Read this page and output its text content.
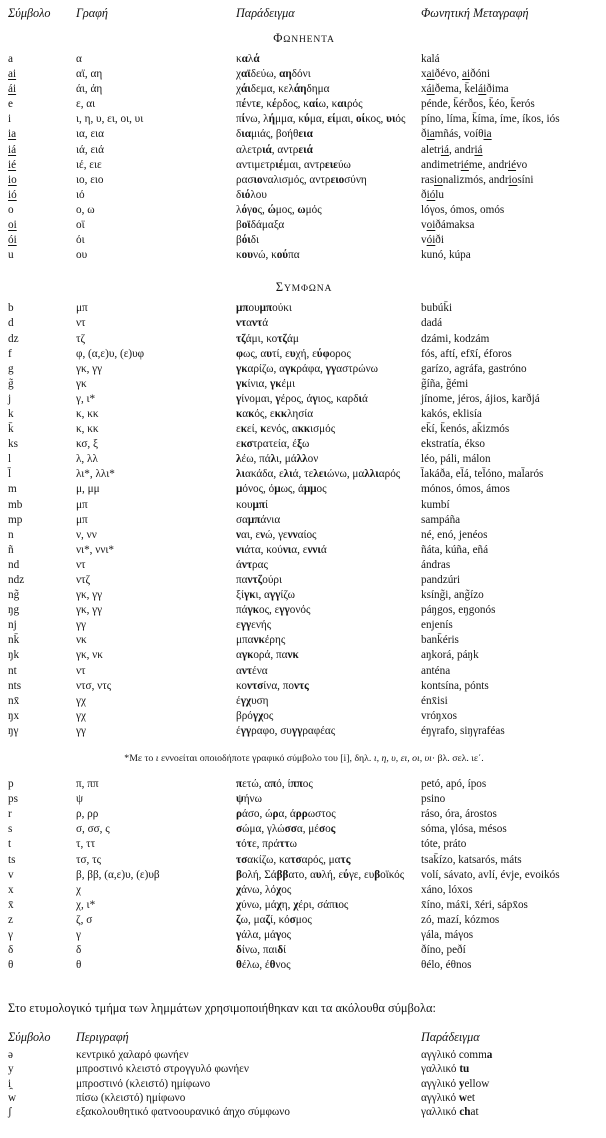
Σύμβολο	Γραφή	Παράδειγμα	Φωνητική Μεταγραφή
ΦΩΝΗΕΝΤΑ
a	α	καλά	kalá
ai	αϊ, αη	χαϊδεύω, αηδόνι	xaiðévo, aiðóni
ái	άι, άη	χάιδεμα, κελάηδημα	xáiðema, k̄eláiðima
e	ε, αι	πέντε, κέρδος, καίω, καιρός	pénde, k̄érðos, k̄éo, k̄erós
i	ι, η, υ, ει, οι, υι	πίνω, λήμμα, κύμα, είμαι, οίκος, υιός	píno, líma, k̄íma, íme, íkos, iós
ia	ια, εια	διαμιάς, βοήθεια	ðiamñás, voíθia
iá	ιά, ειά	αλετριά, αντρειά	aletriá, andriá
ié	ιέ, ειε	αντιμετριέμαι, αντρειεύω	andimetriéme, andriévo
io	ιο, ειο	ρασιοναλισμός, αντρειοσύνη	rasionalizmós, andriosíni
ió	ιό	διόλου	ðiólu
o	ο, ω	λόγος, ώμος, ωμός	lóγos, ómos, omós
oi	οϊ	βοϊδάμαξα	voiðámaksa
ói	όι	βόιδι	vóiði
u	ου	κουνώ, κούπα	kunó, kúpa
ΣΥΜΦΩΝΑ
b	μπ	μπουμπούκι	bubúk̄i
d	ντ	νταντά	dadá
dz	τζ	τζάμι, κοτζάμ	dzámi, kodzám
f	φ, (α,ε)υ, (ε)υφ	φως, αυτί, ευχή, εύφορος	fós, aftí, efx̄í, éforos
g	γκ, γγ	γκαρίζω, αγκράφα, γγαστρώνω	garízo, agráfa, gastróno
g̃	γκ	γκίνια, γκέμι	g̃íña, g̃émi
j	γ, ι*	γίνομαι, γέρος, άγιος, καρδιά	jínome, jéros, ájios, karðjá
k	κ, κκ	κακός, εκκλησία	kakós, eklisía
k̄	κ, κκ	εκεί, κενός, ακκισμός	ek̄í, k̄enós, ak̄izmós
ks	κσ, ξ	εκστρατεία, έξω	ekstratía, ékso
l	λ, λλ	λέω, πάλι, μάλλον	léo, páli, málon
l̄	λι*, λλι*	λιακάδα, ελιά, τελειώνω, μαλλιαρός	l̄akáða, el̄á, tel̄óno, mal̄arós
m	μ, μμ	μόνος, όμως, άμμος	mónos, ómos, ámos
mb	μπ	κουμπί	kumbí
mp	μπ	σαμπάνια	sampáña
n	ν, νν	ναι, ενώ, γενναίος	né, enó, jenéos
ñ	νι*, ννι*	νιάτα, κούνια, εννιά	ñáta, kúña, eñá
nd	ντ	άντρας	ándras
ndz	ντζ	παντζούρι	pandzúri
ng̃	γκ, γγ	ξίγκι, αγγίζω	ksíng̃i, ang̃ízo
ŋg	γκ, γγ	πάγκος, εγγονός	páŋgos, eŋgonós
nj	γγ	εγγενής	enjenís
nk̄	νκ	μπανκέρης	bank̄éris
ŋk	γκ, νκ	αγκορά, πανκ	aŋkorá, páŋk
nt	ντ	αντένα	anténa
nts	ντσ, ντς	κοντσίνα, ποντς	kontsína, pónts
nx̄	γχ	έγχυση	énx̄isi
ŋx	γχ	βρόγχος	vróŋxos
ŋγ	γγ	έγγραφο, συγγραφέας	éŋγrafo, siŋγraféas
*Με το ι εννοείται οποιοδήποτε γραφικό σύμβολο του [i], δηλ. ι, η, υ, ει, οι, υι· βλ. σελ. ιε΄.
p	π, ππ	πετώ, από, ίππος	petó, apó, ípos
ps	ψ	ψήνω	psino
r	ρ, ρρ	ράσο, ώρα, άρρωστος	ráso, óra, árostos
s	σ, σσ, ς	σώμα, γλώσσα, μέσος	sóma, γlósa, mésos
t	τ, ττ	τότε, πράττω	tóte, práto
ts	τσ, τς	τσακίζω, κατσαρός, ματς	tsak̄ízo, katsarós, máts
v	β, ββ, (α,ε)υ, (ε)υβ	βολή, Σάββατο, αυλή, εύγε, ευβοϊκός	volí, sávato, avlí, évje, evoikós
x	χ	χάνω, λόχος	xáno, lóxos
x̄	χ, ι*	χύνω, μάχη, χέρι, σάπιος	x̄íno, máx̄i, x̄éri, sápx̄os
z	ζ, σ	ζω, μαζί, κόσμος	zó, mazí, kózmos
γ	γ	γάλα, μάγος	γála, máγos
δ	δ	δίνω, παιδί	ðíno, peðí
θ	θ	θέλω, έθνος	θélo, éθnos
Στο ετυμολογικό τμήμα των λημμάτων χρησιμοποιήθηκαν και τα ακόλουθα σύμβολα:
Σύμβολο	Περιγραφή	Παράδειγμα
ə	κεντρικό χαλαρό φωνήεν	αγγλικό comma
y	μπροστινό κλειστό στρογγυλό φωνήεν	γαλλικό tu
i̯	μπροστινό (κλειστό) ημίφωνο	αγγλικό yellow
w	πίσω (κλειστό) ημίφωνο	αγγλικό wet
ʃ	εξακολουθητικό φατνοουρανικό άηχο σύμφωνο	γαλλικό chat
